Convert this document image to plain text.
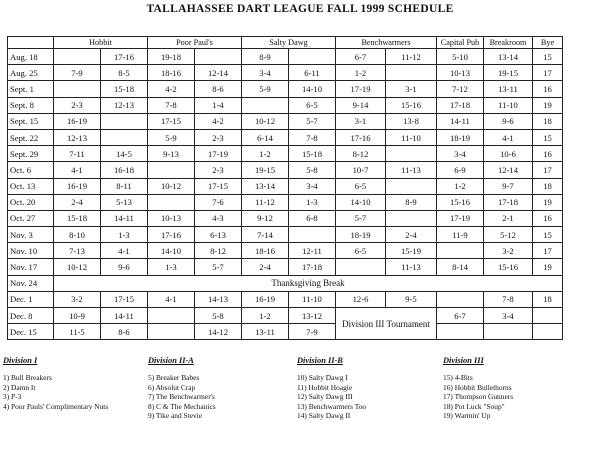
TALLAHASSEE DART LEAGUE FALL 1999 SCHEDULE
	Hobbit		Poor Paul's		Salty Dawg		Benchwarmers		Capital Pub	Breakroom	Bye
Aug. 18		17-16	19-18		8-9		6-7	11-12	5-10	13-14	15
Aug. 25	7-9	8-5	18-16	12-14	3-4	6-11	1-2		10-13	19-15	17
Sept. 1		15-18	4-2	8-6	5-9	14-10	17-19	3-1	7-12	13-11	16
Sept. 8	2-3	12-13	7-8	1-4		6-5	9-14	15-16	17-18	11-10	19
Sept. 15	16-19		17-15	4-2	10-12	5-7	3-1	13-8	14-11	9-6	18
Sept. 22	12-13		5-9	2-3	6-14	7-8	17-16	11-10	18-19	4-1	15
Sept. 29	7-11	14-5	9-13	17-19	1-2	15-18	8-12		3-4	10-6	16
Oct. 6	4-1	16-18		2-3	19-15	5-8	10-7	11-13	6-9	12-14	17
Oct. 13	16-19	8-11	10-12	17-15	13-14	3-4	6-5		1-2	9-7	18
Oct. 20	2-4	5-13		7-6	11-12	1-3	14-10	8-9	15-16	17-18	19
Oct. 27	15-18	14-11	10-13	4-3	9-12	6-8	5-7		17-19	2-1	16
Nov. 3	8-10	1-3	17-16	6-13	7-14		18-19	2-4	11-9	5-12	15
Nov. 10	7-13	4-1	14-10	8-12	18-16	12-11	6-5	15-19		3-2	17
Nov. 17	10-12	9-6	1-3	5-7	2-4	17-18		11-13	8-14	15-16	19
Nov. 24	Thanksgiving Break										
Dec. 1	3-2	17-15	4-1	14-13	16-19	11-10	12-6	9-5		7-8	18
Dec. 8	10-9	14-11		5-8	1-2	13-12	Division III Tournament		6-7	3-4	
Dec. 15	11-5	8-6		14-12	13-11	7-9					
Division I
1) Bull Breakers
2) Damn It
3) P-3
4) Poor Pauls' Complimentary Nuts
Division II-A
5) Breaker Babes
6) Absolut Crap
7) The Benchwarmer's
8) C & The Mechanics
9) Tike and Stevie
Division II-B
10) Salty Dawg I
11) Hobbit Hoagie
12) Salty Dawg III
13) Benchwarmers Too
14) Salty Dawg II
Division III
15) 4-Bits
16) Hobbit Bullethorns
17) Thompson Gunners
18) Pot Luck "Soup"
19) Warmin' Up
